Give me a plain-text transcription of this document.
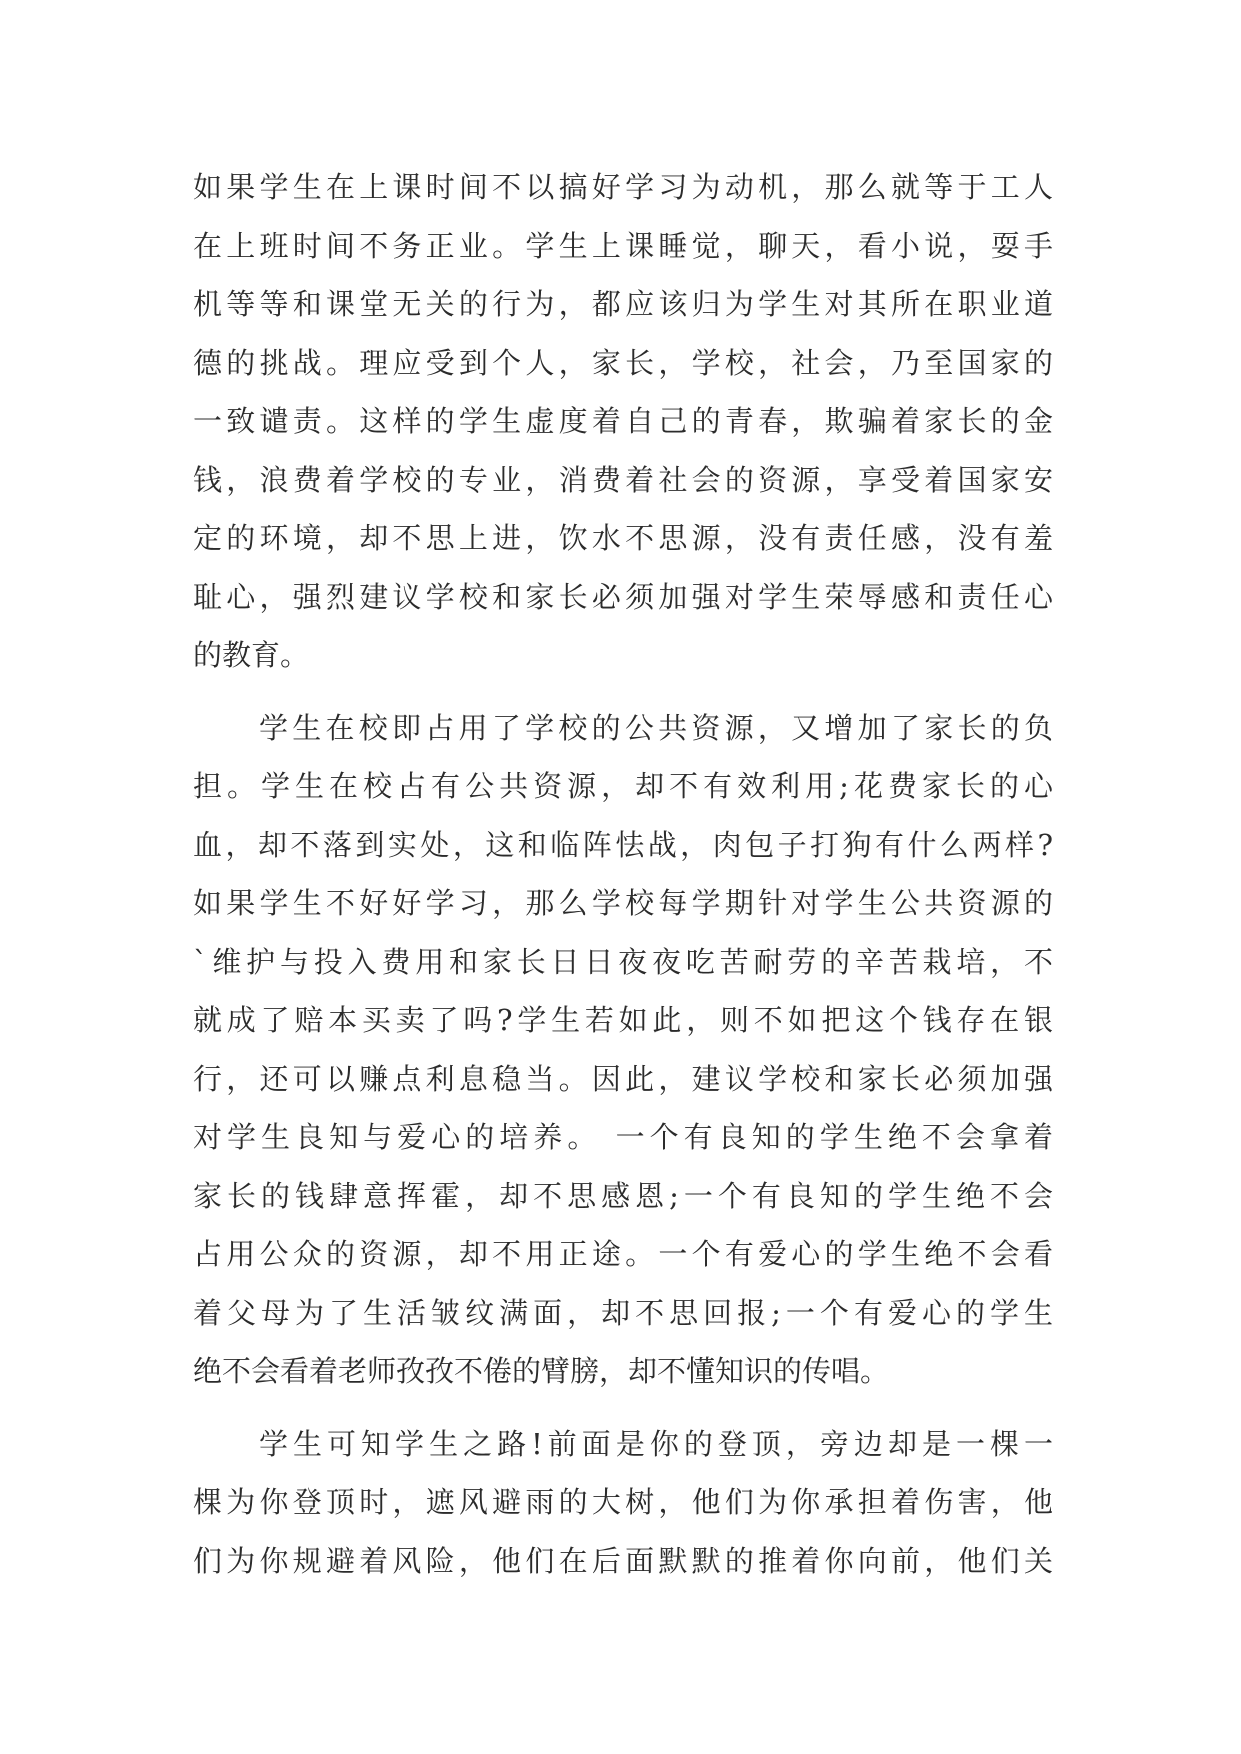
如果学生在上课时间不以搞好学习为动机，那么就等于工人
在上班时间不务正业。学生上课睡觉，聊天，看小说，耍手
机等等和课堂无关的行为，都应该归为学生对其所在职业道
德的挑战。理应受到个人，家长，学校，社会，乃至国家的
一致谴责。这样的学生虚度着自己的青春，欺骗着家长的金
钱，浪费着学校的专业，消费着社会的资源，享受着国家安
定的环境，却不思上进，饮水不思源，没有责任感，没有羞
耻心，强烈建议学校和家长必须加强对学生荣辱感和责任心
的教育。
学生在校即占用了学校的公共资源，又增加了家长的负
担。学生在校占有公共资源，却不有效利用;花费家长的心
血，却不落到实处，这和临阵怯战，肉包子打狗有什么两样?
如果学生不好好学习，那么学校每学期针对学生公共资源的
`维护与投入费用和家长日日夜夜吃苦耐劳的辛苦栽培，不
就成了赔本买卖了吗?学生若如此，则不如把这个钱存在银
行，还可以赚点利息稳当。因此，建议学校和家长必须加强
对学生良知与爱心的培养。 一个有良知的学生绝不会拿着
家长的钱肆意挥霍，却不思感恩;一个有良知的学生绝不会
占用公众的资源，却不用正途。一个有爱心的学生绝不会看
着父母为了生活皱纹满面，却不思回报;一个有爱心的学生
绝不会看着老师孜孜不倦的臂膀，却不懂知识的传唱。
学生可知学生之路!前面是你的登顶，旁边却是一棵一
棵为你登顶时，遮风避雨的大树，他们为你承担着伤害，他
们为你规避着风险，他们在后面默默的推着你向前，他们关
